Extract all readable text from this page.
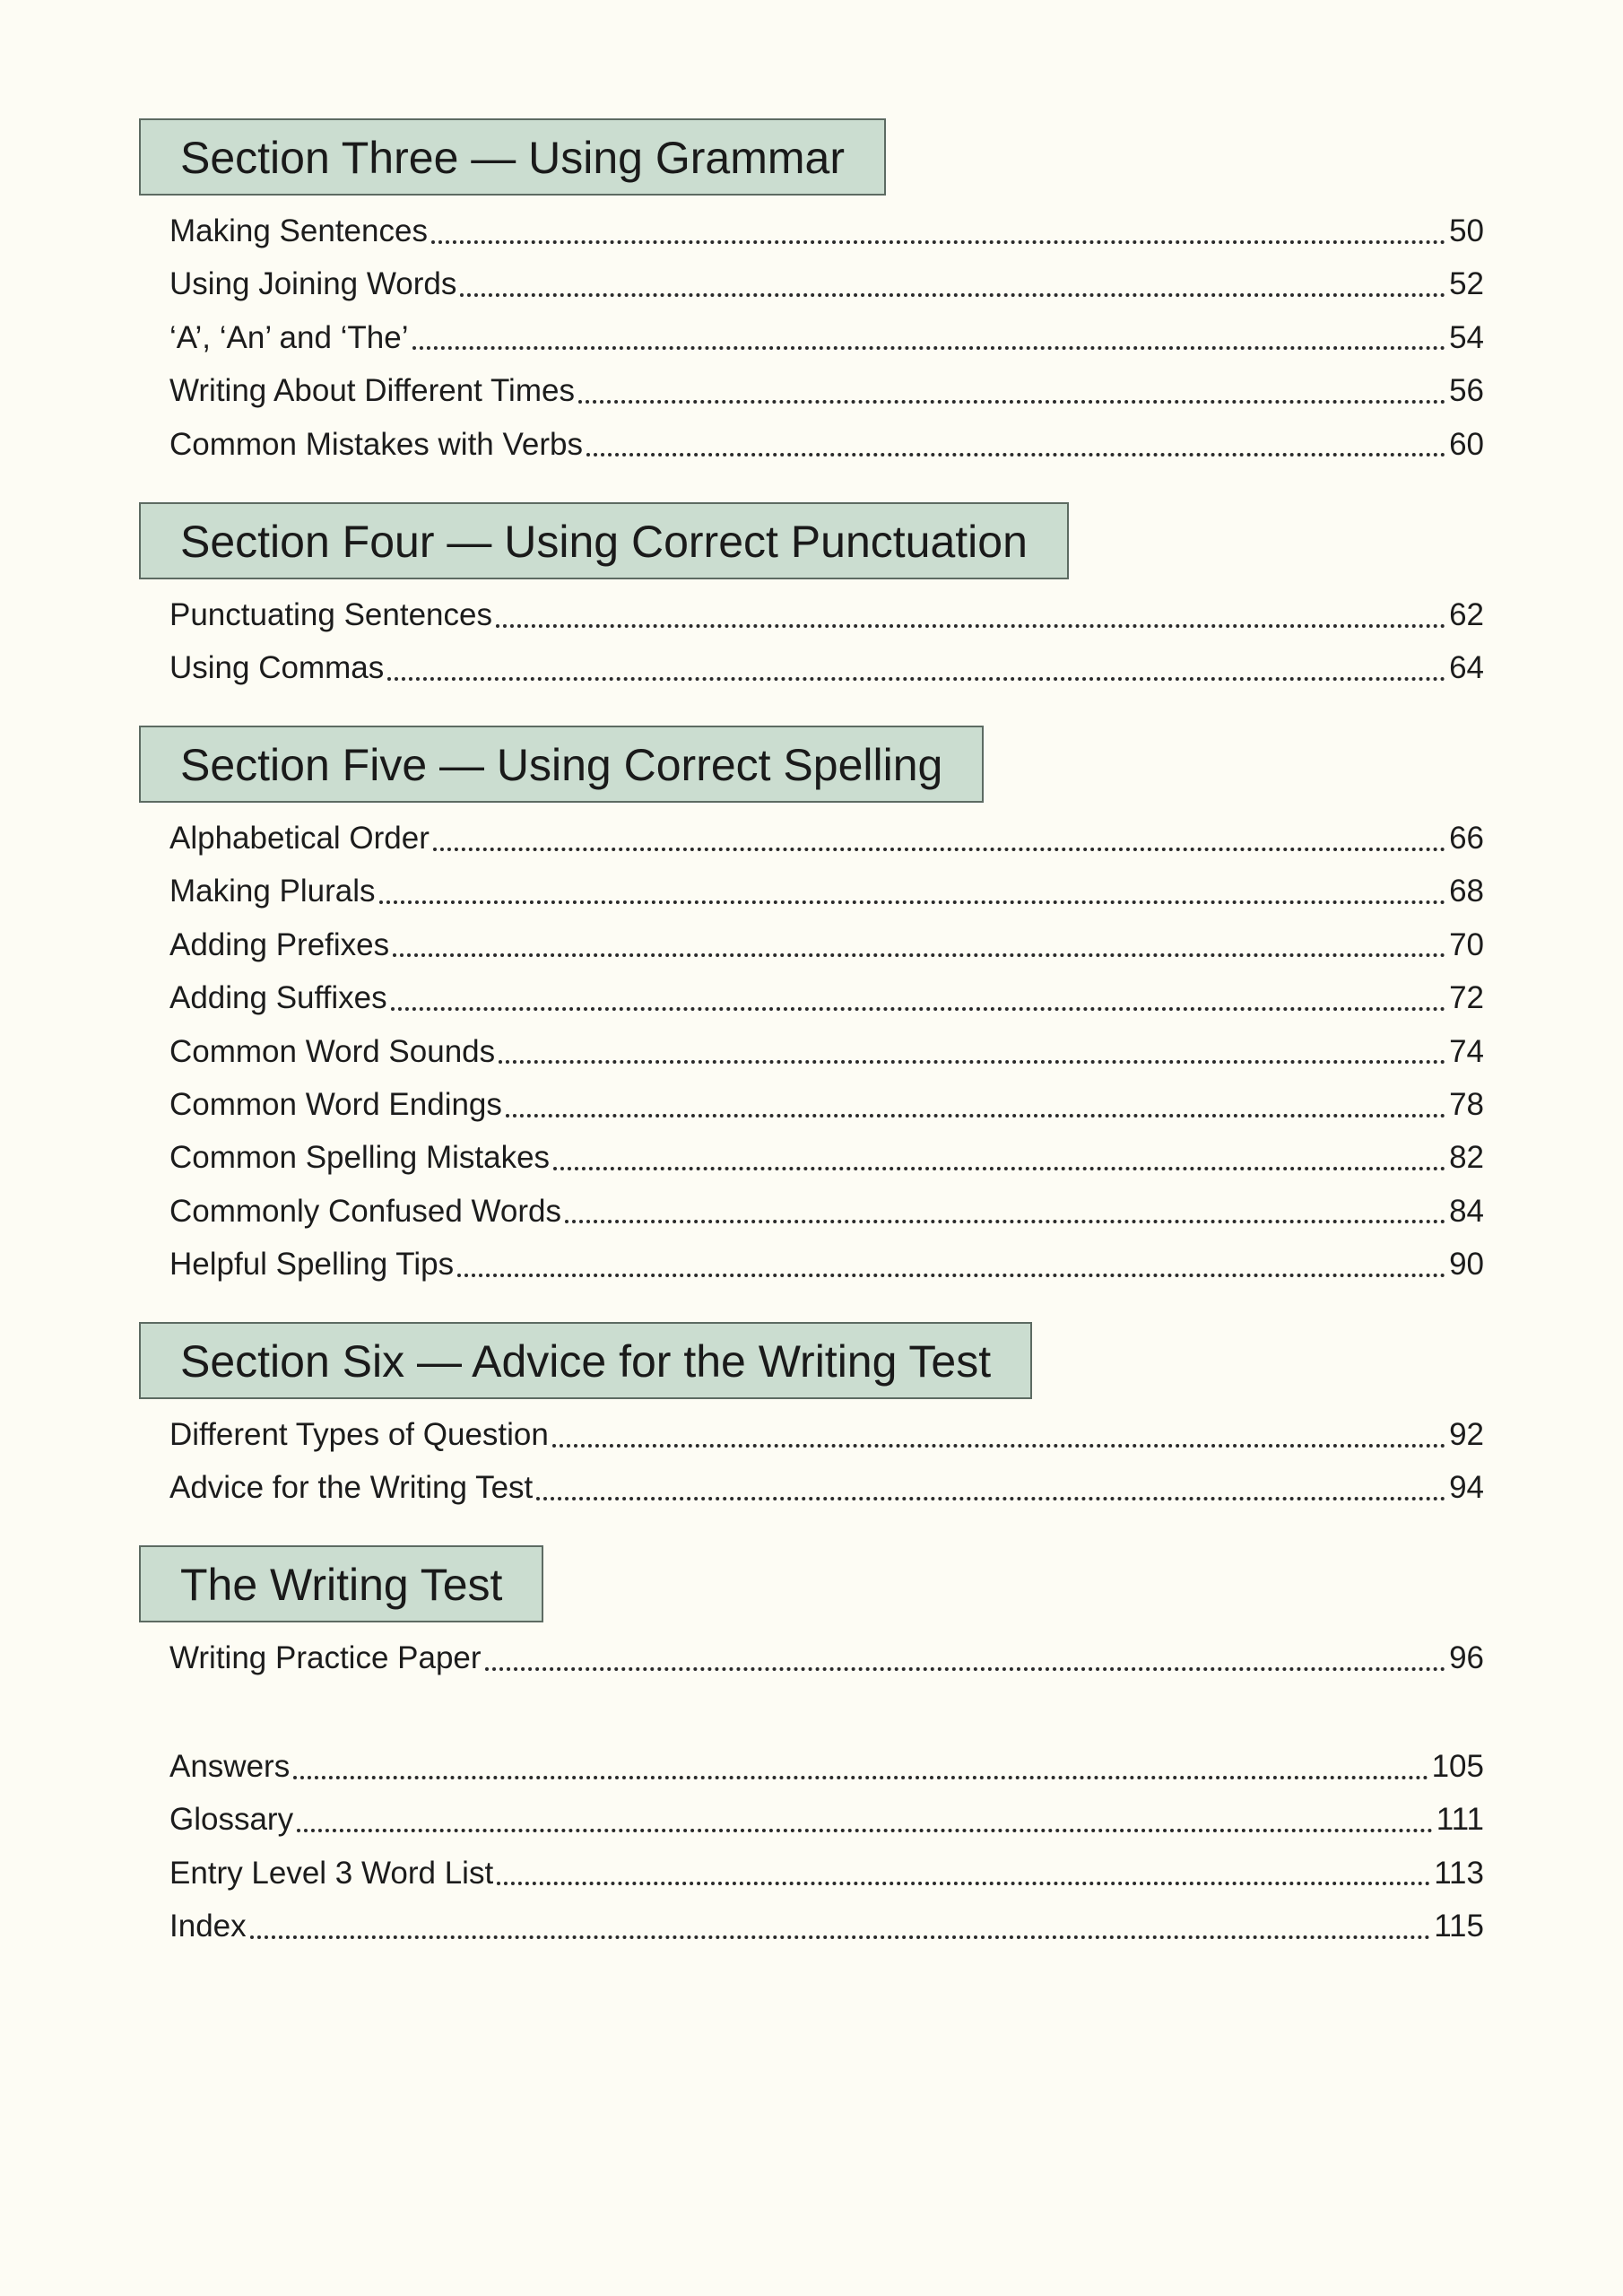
Section Three — Using Grammar
Making Sentences	50
Using Joining Words	52
‘A’, ‘An’ and ‘The’	54
Writing About Different Times	56
Common Mistakes with Verbs	60
Section Four — Using Correct Punctuation
Punctuating Sentences	62
Using Commas	64
Section Five — Using Correct Spelling
Alphabetical Order	66
Making Plurals	68
Adding Prefixes	70
Adding Suffixes	72
Common Word Sounds	74
Common Word Endings	78
Common Spelling Mistakes	82
Commonly Confused Words	84
Helpful Spelling Tips	90
Section Six — Advice for the Writing Test
Different Types of Question	92
Advice for the Writing Test	94
The Writing Test
Writing Practice Paper	96
Answers	105
Glossary	111
Entry Level 3 Word List	113
Index	115
